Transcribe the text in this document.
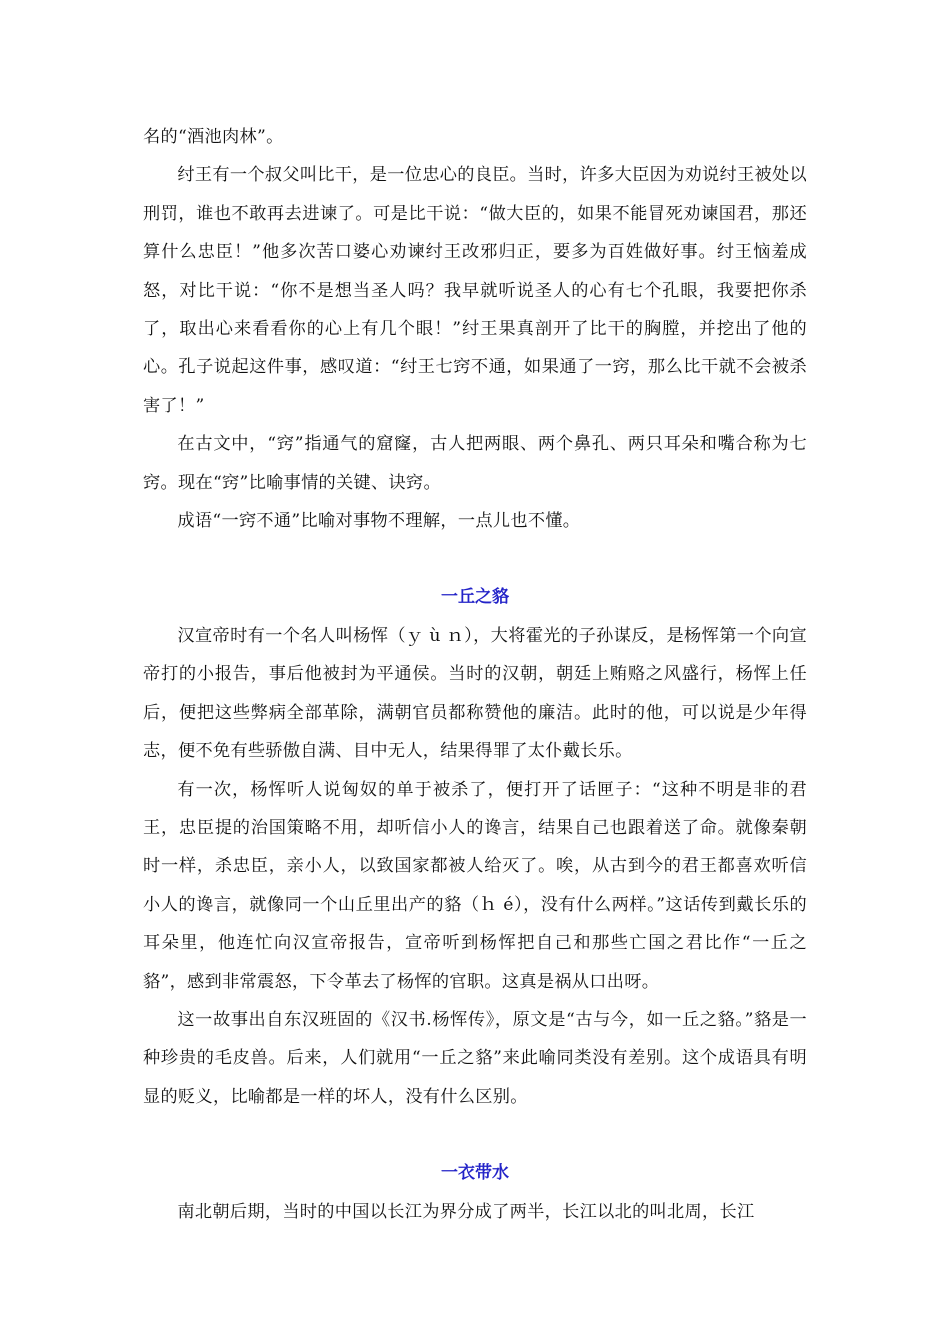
名的“酒池肉林”。

纣王有一个叔父叫比干，是一位忠心的良臣。当时，许多大臣因为劝说纣王被处以刑罚，谁也不敢再去进谏了。可是比干说：“做大臣的，如果不能冒死劝谏国君，那还算什么忠臣！”他多次苦口婆心劝谏纣王改邪归正，要多为百姓做好事。纣王恼羞成怒，对比干说：“你不是想当圣人吗？我早就听说圣人的心有七个孔眼，我要把你杀了，取出心来看看你的心上有几个眼！”纣王果真剖开了比干的胸膛，并挖出了他的心。孔子说起这件事，感叹道：“纣王七窍不通，如果通了一窍，那么比干就不会被杀害了！”

在古文中，“窍”指通气的窟窿，古人把两眼、两个鼻孔、两只耳朵和嘴合称为七窍。现在“窍”比喻事情的关键、诀窍。

成语“一窍不通”比喻对事物不理解，一点儿也不懂。

一丘之貉

汉宣帝时有一个名人叫杨恽（ｙ ù ｎ），大将霍光的子孙谋反，是杨恽第一个向宣帝打的小报告，事后他被封为平通侯。当时的汉朝，朝廷上贿赂之风盛行，杨恽上任后，便把这些弊病全部革除，满朝官员都称赞他的廉洁。此时的他，可以说是少年得志，便不免有些骄傲自满、目中无人，结果得罪了太仆戴长乐。

有一次，杨恽听人说匈奴的单于被杀了，便打开了话匣子：“这种不明是非的君王，忠臣提的治国策略不用，却听信小人的谗言，结果自己也跟着送了命。就像秦朝时一样，杀忠臣，亲小人，以致国家都被人给灭了。唉，从古到今的君王都喜欢听信小人的谗言，就像同一个山丘里出产的貉（ｈ é），没有什么两样。”这话传到戴长乐的耳朵里，他连忙向汉宣帝报告，宣帝听到杨恽把自己和那些亡国之君比作“一丘之貉”，感到非常震怒，下令革去了杨恽的官职。这真是祸从口出呀。

这一故事出自东汉班固的《汉书.杨恽传》，原文是“古与今，如一丘之貉。”貉是一种珍贵的毛皮兽。后来，人们就用“一丘之貉”来此喻同类没有差别。这个成语具有明显的贬义，比喻都是一样的坏人，没有什么区别。

一衣带水

南北朝后期，当时的中国以长江为界分成了两半，长江以北的叫北周，长江
